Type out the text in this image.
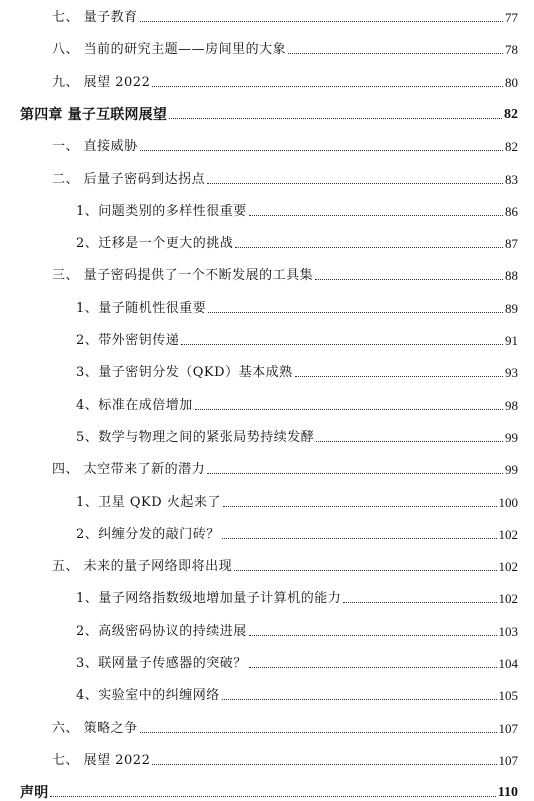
七、 量子教育	77
八、 当前的研究主题——房间里的大象	78
九、 展望 2022	80
第四章 量子互联网展望	82
一、 直接威胁	82
二、 后量子密码到达拐点	83
1、问题类别的多样性很重要	86
2、迁移是一个更大的挑战	87
三、 量子密码提供了一个不断发展的工具集	88
1、量子随机性很重要	89
2、带外密钥传递	91
3、量子密钥分发（QKD）基本成熟	93
4、标准在成倍增加	98
5、数学与物理之间的紧张局势持续发酵	99
四、 太空带来了新的潜力	99
1、卫星 QKD 火起来了	100
2、纠缠分发的敲门砖？	102
五、 未来的量子网络即将出现	102
1、量子网络指数级地增加量子计算机的能力	102
2、高级密码协议的持续进展	103
3、联网量子传感器的突破？	104
4、实验室中的纠缠网络	105
六、 策略之争	107
七、 展望 2022	107
声明	110
